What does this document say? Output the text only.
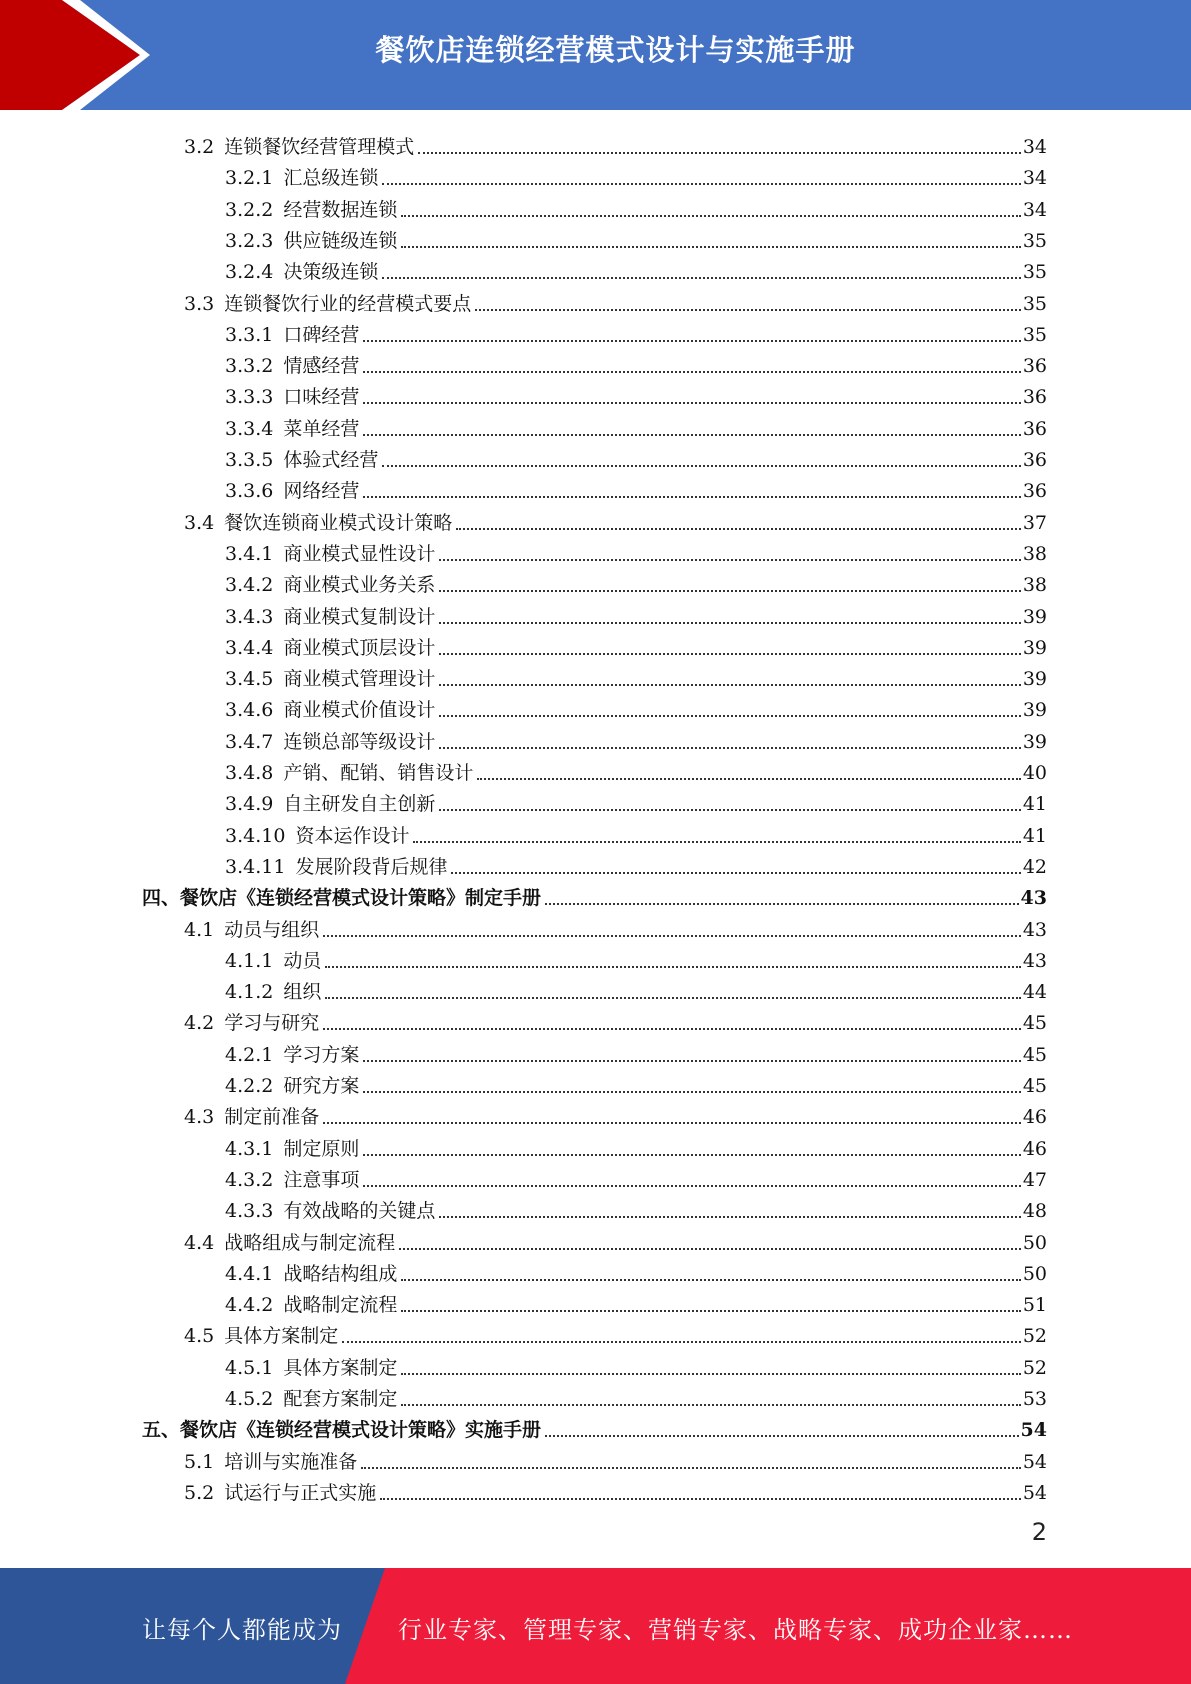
餐饮店连锁经营模式设计与实施手册
3.2 连锁餐饮经营管理模式	34
3.2.1 汇总级连锁	34
3.2.2 经营数据连锁	34
3.2.3 供应链级连锁	35
3.2.4 决策级连锁	35
3.3 连锁餐饮行业的经营模式要点	35
3.3.1 口碑经营	35
3.3.2 情感经营	36
3.3.3 口味经营	36
3.3.4 菜单经营	36
3.3.5 体验式经营	36
3.3.6 网络经营	36
3.4 餐饮连锁商业模式设计策略	37
3.4.1 商业模式显性设计	38
3.4.2 商业模式业务关系	38
3.4.3 商业模式复制设计	39
3.4.4 商业模式顶层设计	39
3.4.5 商业模式管理设计	39
3.4.6 商业模式价值设计	39
3.4.7 连锁总部等级设计	39
3.4.8 产销、配销、销售设计	40
3.4.9 自主研发自主创新	41
3.4.10 资本运作设计	41
3.4.11 发展阶段背后规律	42
四、 餐饮店《连锁经营模式设计策略》制定手册	43
4.1 动员与组织	43
4.1.1 动员	43
4.1.2 组织	44
4.2 学习与研究	45
4.2.1 学习方案	45
4.2.2 研究方案	45
4.3 制定前准备	46
4.3.1 制定原则	46
4.3.2 注意事项	47
4.3.3 有效战略的关键点	48
4.4 战略组成与制定流程	50
4.4.1 战略结构组成	50
4.4.2 战略制定流程	51
4.5 具体方案制定	52
4.5.1 具体方案制定	52
4.5.2 配套方案制定	53
五、 餐饮店《连锁经营模式设计策略》实施手册	54
5.1 培训与实施准备	54
5.2 试运行与正式实施	54
2
让每个人都能成为 行业专家、管理专家、营销专家、战略专家、成功企业家……
